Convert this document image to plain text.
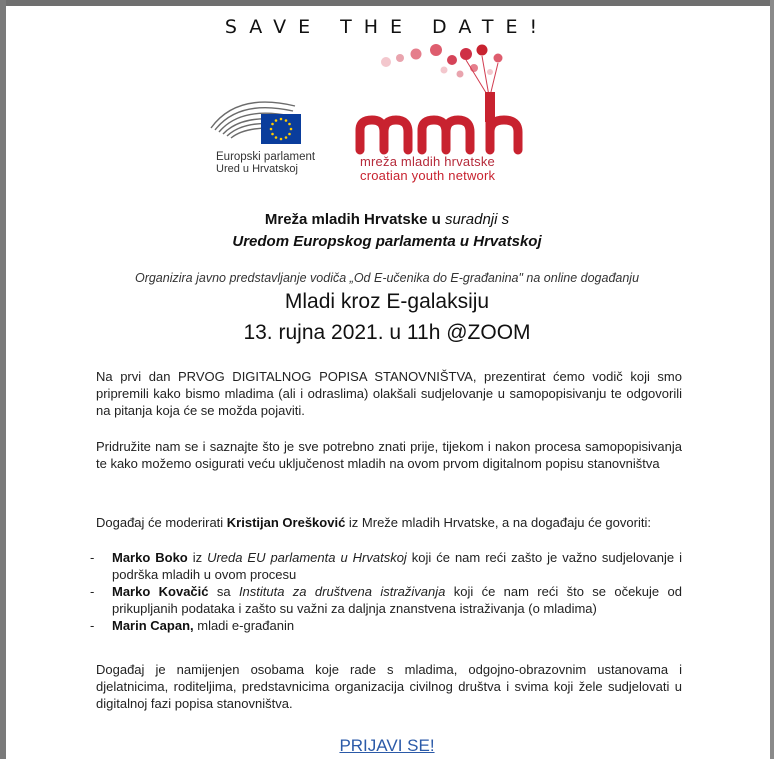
SAVE THE DATE!
Europski parlament
Ured u Hrvatskoj	mreža mladih hrvatske
croatian youth network
Mreža mladih Hrvatske u suradnji s
Uredom Europskog parlamenta u Hrvatskoj
Organizira javno predstavljanje vodiča „Od E-učenika do E-građanina" na online događanju
Mladi kroz E-galaksiju
13. rujna 2021. u 11h @ZOOM
Na prvi dan PRVOG DIGITALNOG POPISA STANOVNIŠTVA, prezentirat ćemo vodič koji smo pripremili kako bismo mladima (ali i odraslima) olakšali sudjelovanje u samopopisivanju te odgovorili na pitanja koja će se možda pojaviti.
Pridružite nam se i saznajte što je sve potrebno znati prije, tijekom i nakon procesa samopopisivanja te kako možemo osigurati veću uključenost mladih na ovom prvom digitalnom popisu stanovništva
Događaj će moderirati Kristijan Orešković iz Mreže mladih Hrvatske, a na događaju će govoriti:
- Marko Boko iz Ureda EU parlamenta u Hrvatskoj koji će nam reći zašto je važno sudjelovanje i podrška mladih u ovom procesu
- Marko Kovačić sa Instituta za društvena istraživanja koji će nam reći što se očekuje od prikupljanih podataka i zašto su važni za daljnja znanstvena istraživanja (o mladima)
- Marin Capan, mladi e-građanin
Događaj je namijenjen osobama koje rade s mladima, odgojno-obrazovnim ustanovama i djelatnicima, roditeljima, predstavnicima organizacija civilnog društva i svima koji žele sudjelovati u digitalnoj fazi popisa stanovništva.
PRIJAVI SE!
